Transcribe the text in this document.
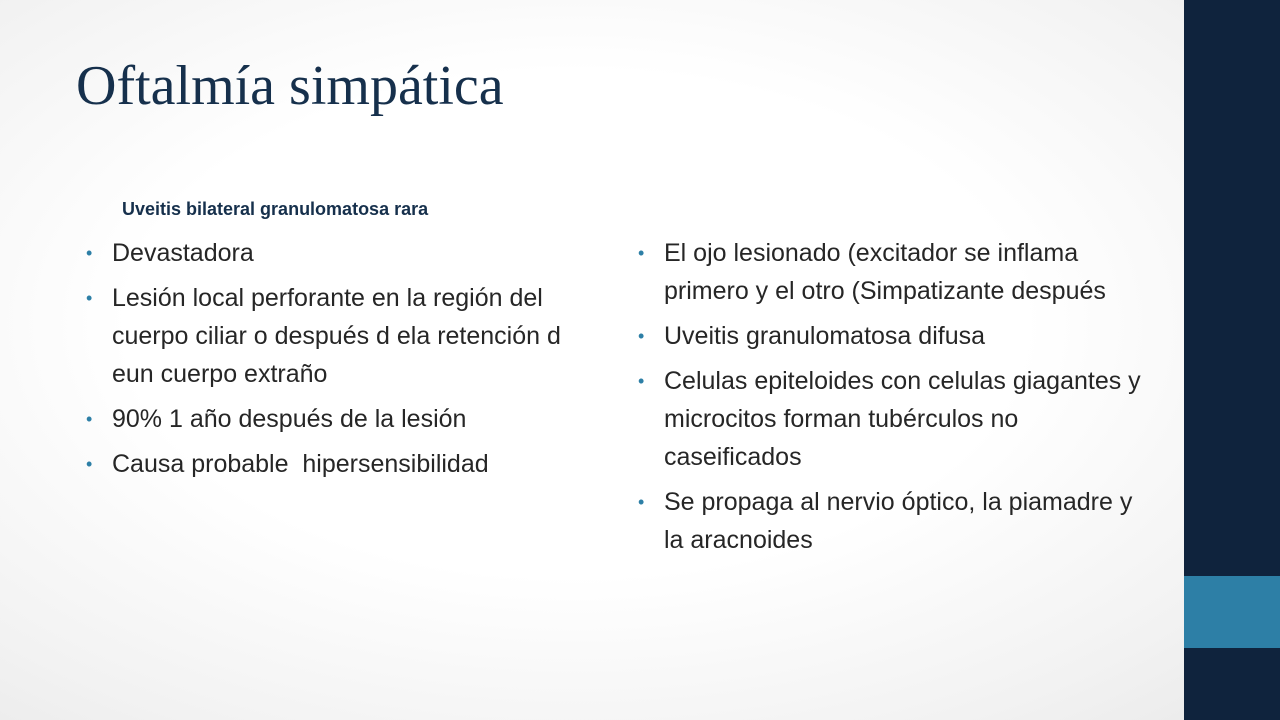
Oftalmía simpática
Uveitis bilateral granulomatosa rara
• Devastadora
• Lesión local perforante en la región del cuerpo ciliar o después d ela retención d eun cuerpo extraño
• 90% 1 año después de la lesión
• Causa probable  hipersensibilidad
• El ojo lesionado (excitador se inflama primero y el otro (Simpatizante después
• Uveitis granulomatosa difusa
• Celulas epiteloides con celulas giagantes y microcitos forman tubérculos no caseificados
• Se propaga al nervio óptico, la piamadre y la aracnoides
